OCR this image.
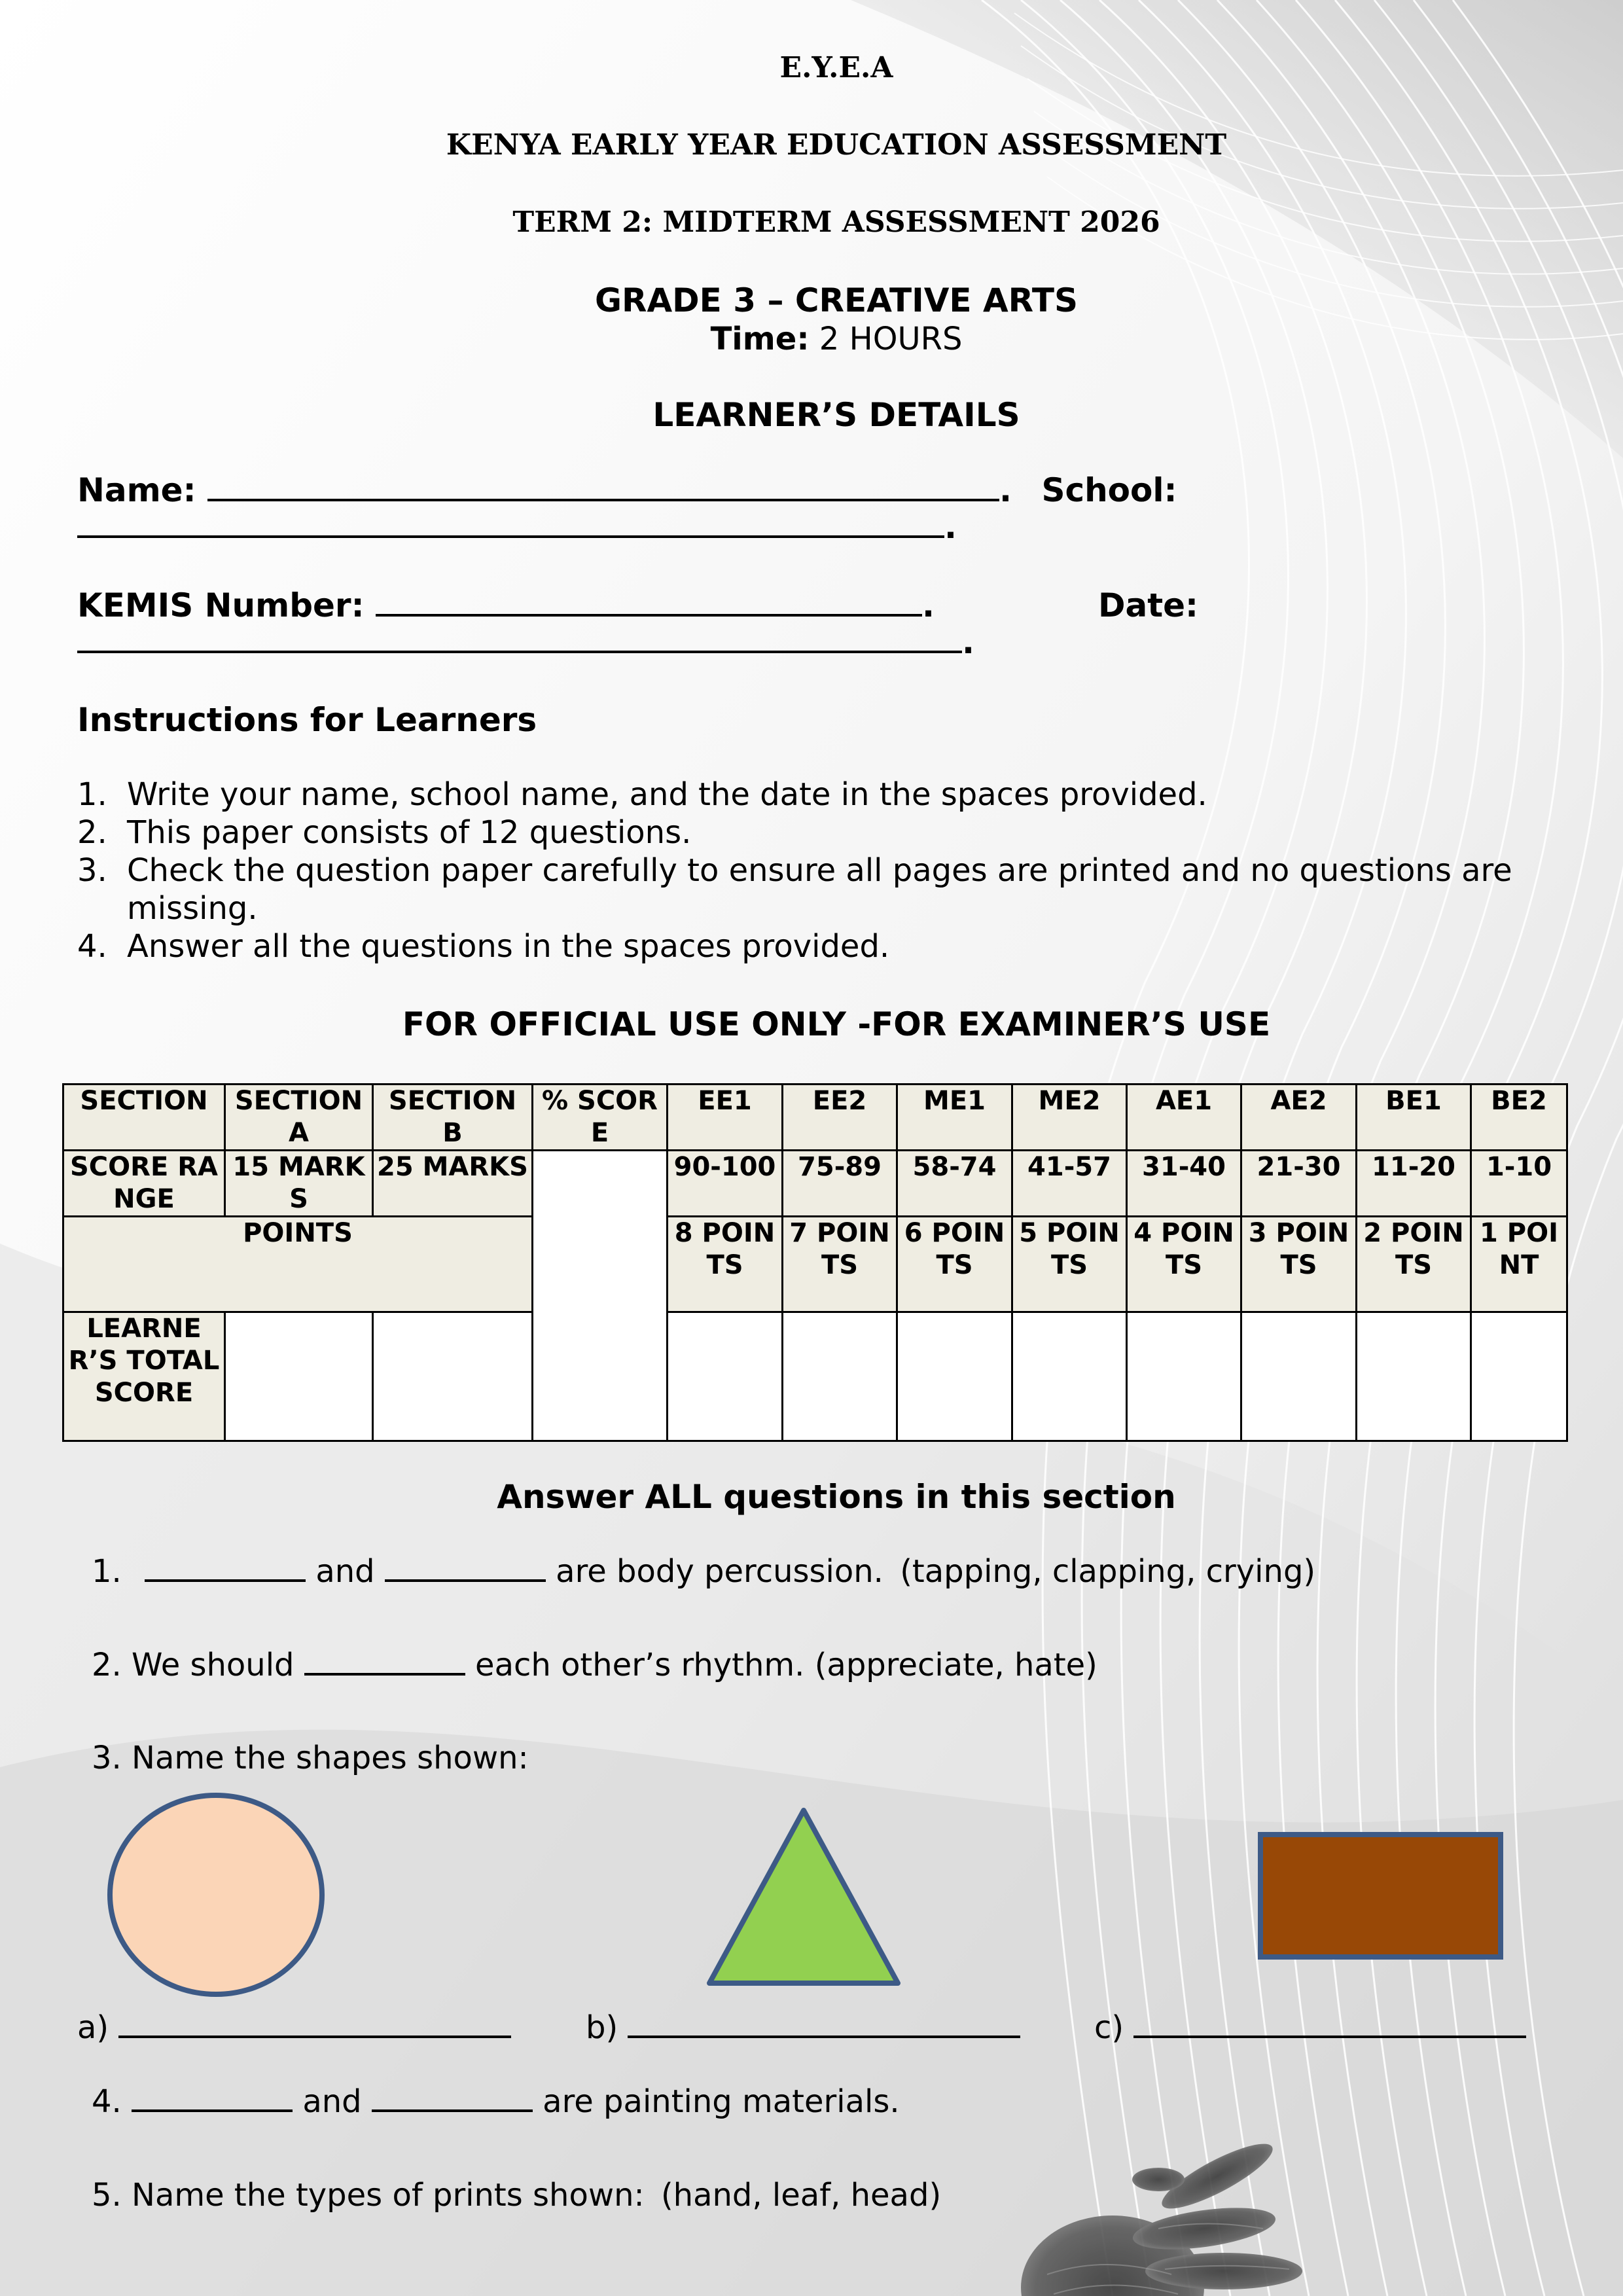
E.Y.E.A
KENYA EARLY YEAR EDUCATION ASSESSMENT
TERM 2: MIDTERM ASSESSMENT 2026
GRADE 3 – CREATIVE ARTS
Time: 2 HOURS
LEARNER’S DETAILS
Name:	. School:
.
KEMIS Number:	.	Date:
.
Instructions for Learners
1. Write your name, school name, and the date in the spaces provided.
2. This paper consists of 12 questions.
3. Check the question paper carefully to ensure all pages are printed and no questions are missing.
4. Answer all the questions in the spaces provided.
FOR OFFICIAL USE ONLY -FOR EXAMINER’S USE
SECTION	SECTION A	SECTION B	% SCORE	EE1	EE2	ME1	ME2	AE1	AE2	BE1	BE2
SCORE RANGE	15 MARKS	25 MARKS		90-100	75-89	58-74	41-57	31-40	21-30	11-20	1-10
POINTS				8 POINTS	7 POINTS	6 POINTS	5 POINTS	4 POINTS	3 POINTS	2 POINTS	1 POINT
LEARNER’S TOTAL SCORE											
Answer ALL questions in this section
1.	and	are body percussion. (tapping, clapping, crying)
2. We should	each other’s rhythm. (appreciate, hate)
3. Name the shapes shown:
a)	b)	c)
4.	and	are painting materials.
5. Name the types of prints shown: (hand, leaf, head)
